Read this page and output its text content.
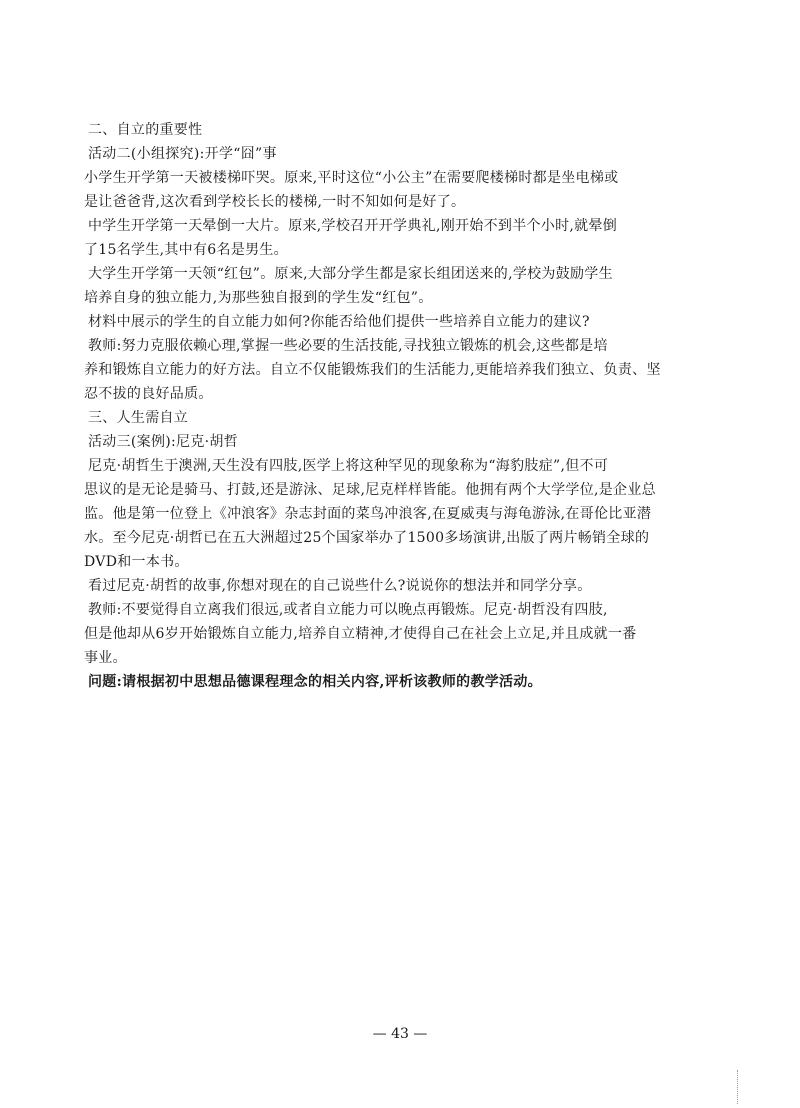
二、自立的重要性
活动二(小组探究):开学“囧”事
小学生开学第一天被楼梯吓哭。原来,平时这位“小公主”在需要爬楼梯时都是坐电梯或
是让爸爸背,这次看到学校长长的楼梯,一时不知如何是好了。
中学生开学第一天晕倒一大片。原来,学校召开开学典礼,刚开始不到半个小时,就晕倒
了15名学生,其中有6名是男生。
大学生开学第一天领“红包”。原来,大部分学生都是家长组团送来的,学校为鼓励学生
培养自身的独立能力,为那些独自报到的学生发“红包”。
材料中展示的学生的自立能力如何?你能否给他们提供一些培养自立能力的建议?
教师:努力克服依赖心理,掌握一些必要的生活技能,寻找独立锻炼的机会,这些都是培
养和锻炼自立能力的好方法。自立不仅能锻炼我们的生活能力,更能培养我们独立、负责、坚
忍不拔的良好品质。
三、人生需自立
活动三(案例):尼克·胡哲
尼克·胡哲生于澳洲,天生没有四肢,医学上将这种罕见的现象称为“海豹肢症”,但不可
思议的是无论是骑马、打鼓,还是游泳、足球,尼克样样皆能。他拥有两个大学学位,是企业总
监。他是第一位登上《冲浪客》杂志封面的菜鸟冲浪客,在夏威夷与海龟游泳,在哥伦比亚潜
水。至今尼克·胡哲已在五大洲超过25个国家举办了1500多场演讲,出版了两片畅销全球的
DVD和一本书。
看过尼克·胡哲的故事,你想对现在的自己说些什么?说说你的想法并和同学分享。
教师:不要觉得自立离我们很远,或者自立能力可以晚点再锻炼。尼克·胡哲没有四肢,
但是他却从6岁开始锻炼自立能力,培养自立精神,才使得自己在社会上立足,并且成就一番
事业。
问题:请根据初中思想品德课程理念的相关内容,评析该教师的教学活动。
— 43 —
